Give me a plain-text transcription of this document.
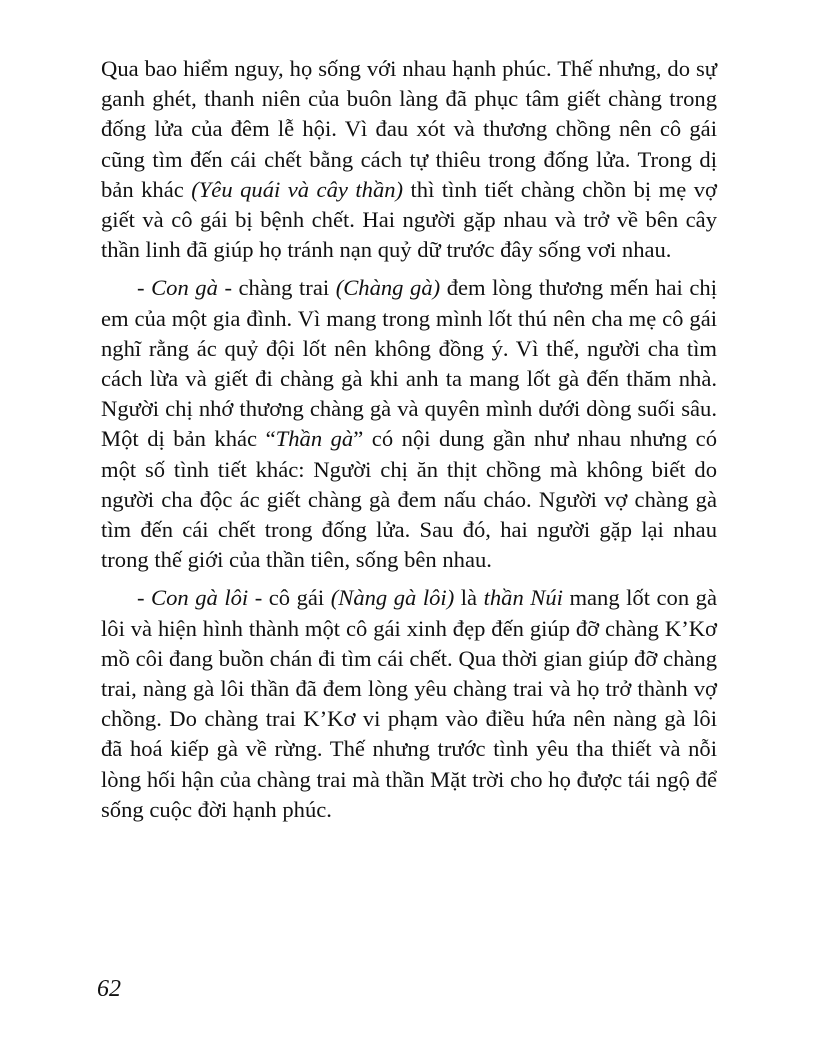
Qua bao hiểm nguy, họ sống với nhau hạnh phúc. Thế nhưng, do sự ganh ghét, thanh niên của buôn làng đã phục tâm giết chàng trong đống lửa của đêm lễ hội. Vì đau xót và thương chồng nên cô gái cũng tìm đến cái chết bằng cách tự thiêu trong đống lửa. Trong dị bản khác (Yêu quái và cây thần) thì tình tiết chàng chồn bị mẹ vợ giết và cô gái bị bệnh chết. Hai người gặp nhau và trở về bên cây thần linh đã giúp họ tránh nạn quỷ dữ trước đây sống vơi nhau.

- Con gà - chàng trai (Chàng gà) đem lòng thương mến hai chị em của một gia đình. Vì mang trong mình lốt thú nên cha mẹ cô gái nghĩ rằng ác quỷ đội lốt nên không đồng ý. Vì thế, người cha tìm cách lừa và giết đi chàng gà khi anh ta mang lốt gà đến thăm nhà. Người chị nhớ thương chàng gà và quyên mình dưới dòng suối sâu. Một dị bản khác “Thần gà” có nội dung gần như nhau nhưng có một số tình tiết khác: Người chị ăn thịt chồng mà không biết do người cha độc ác giết chàng gà đem nấu cháo. Người vợ chàng gà tìm đến cái chết trong đống lửa. Sau đó, hai người gặp lại nhau trong thế giới của thần tiên, sống bên nhau.

- Con gà lôi - cô gái (Nàng gà lôi) là thần Núi mang lốt con gà lôi và hiện hình thành một cô gái xinh đẹp đến giúp đỡ chàng K’Kơ mồ côi đang buồn chán đi tìm cái chết. Qua thời gian giúp đỡ chàng trai, nàng gà lôi thần đã đem lòng yêu chàng trai và họ trở thành vợ chồng. Do chàng trai K’Kơ vi phạm vào điều hứa nên nàng gà lôi đã hoá kiếp gà về rừng. Thế nhưng trước tình yêu tha thiết và nỗi lòng hối hận của chàng trai mà thần Mặt trời cho họ được tái ngộ để sống cuộc đời hạnh phúc.

62
